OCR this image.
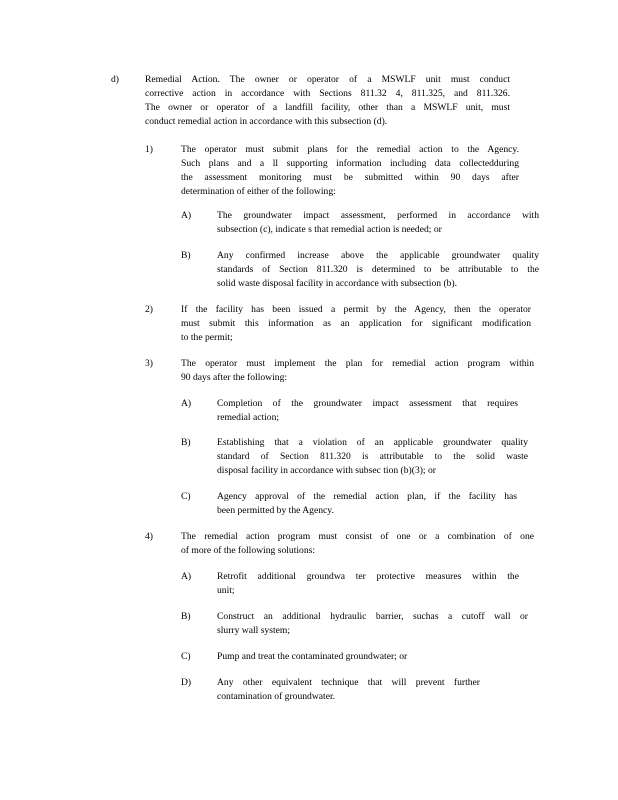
d)	Remedial Action. The owner or operator of a MSWLF unit must conduct
corrective action in accordance with Sections 811.32 4, 811.325, and 811.326.
The owner or operator of a landfill facility, other than a MSWLF unit, must
conduct remedial action in accordance with this subsection (d).
1)	The operator must submit plans for the remedial action to the Agency.
Such plans and a ll supporting information including data collectedduring
the assessment monitoring must be submitted within 90 days after
determination of either of the following:
A)	The groundwater impact assessment, performed in accordance with
subsection (c), indicate s that remedial action is needed; or
B)	Any confirmed increase above the applicable groundwater quality
standards of Section 811.320 is determined to be attributable to the
solid waste disposal facility in accordance with subsection (b).
2)	If the facility has been issued a permit by the Agency, then the operator
must submit this information as an application for significant modification
to the permit;
3)	The operator must implement the plan for remedial action program within
90 days after the following:
A)	Completion of the groundwater impact assessment that requires
remedial action;
B)	Establishing that a violation of an applicable groundwater quality
standard of Section 811.320 is attributable to the solid waste
disposal facility in accordance with subsec tion (b)(3); or
C)	Agency approval of the remedial action plan, if the facility has
been permitted by the Agency.
4)	The remedial action program must consist of one or a combination of one
of more of the following solutions:
A)	Retrofit additional groundwa ter protective measures within the
unit;
B)	Construct an additional hydraulic barrier, suchas a cutoff wall or
slurry wall system;
C)	Pump and treat the contaminated groundwater; or
D)	Any other equivalent technique that will prevent further
contamination of groundwater.
